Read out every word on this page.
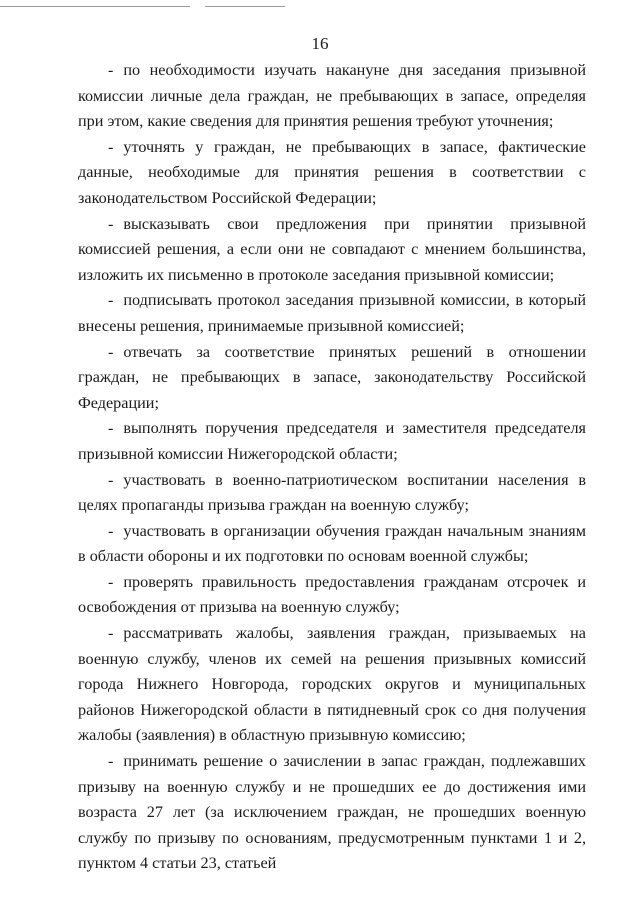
16

- по необходимости изучать накануне дня заседания призывной комиссии личные дела граждан, не пребывающих в запасе, определяя при этом, какие сведения для принятия решения требуют уточнения;

- уточнять у граждан, не пребывающих в запасе, фактические данные, необходимые для принятия решения в соответствии с законодательством Российской Федерации;

- высказывать свои предложения при принятии призывной комиссией решения, а если они не совпадают с мнением большинства, изложить их письменно в протоколе заседания призывной комиссии;

- подписывать протокол заседания призывной комиссии, в который внесены решения, принимаемые призывной комиссией;

- отвечать за соответствие принятых решений в отношении граждан, не пребывающих в запасе, законодательству Российской Федерации;

- выполнять поручения председателя и заместителя председателя призывной комиссии Нижегородской области;

- участвовать в военно-патриотическом воспитании населения в целях пропаганды призыва граждан на военную службу;

- участвовать в организации обучения граждан начальным знаниям в области обороны и их подготовки по основам военной службы;

- проверять правильность предоставления гражданам отсрочек и освобождения от призыва на военную службу;

- рассматривать жалобы, заявления граждан, призываемых на военную службу, членов их семей на решения призывных комиссий города Нижнего Новгорода, городских округов и муниципальных районов Нижегородской области в пятидневный срок со дня получения жалобы (заявления) в областную призывную комиссию;

- принимать решение о зачислении в запас граждан, подлежавших призыву на военную службу и не прошедших ее до достижения ими возраста 27 лет (за исключением граждан, не прошедших военную службу по призыву по основаниям, предусмотренным пунктами 1 и 2, пунктом 4 статьи 23, статьей
